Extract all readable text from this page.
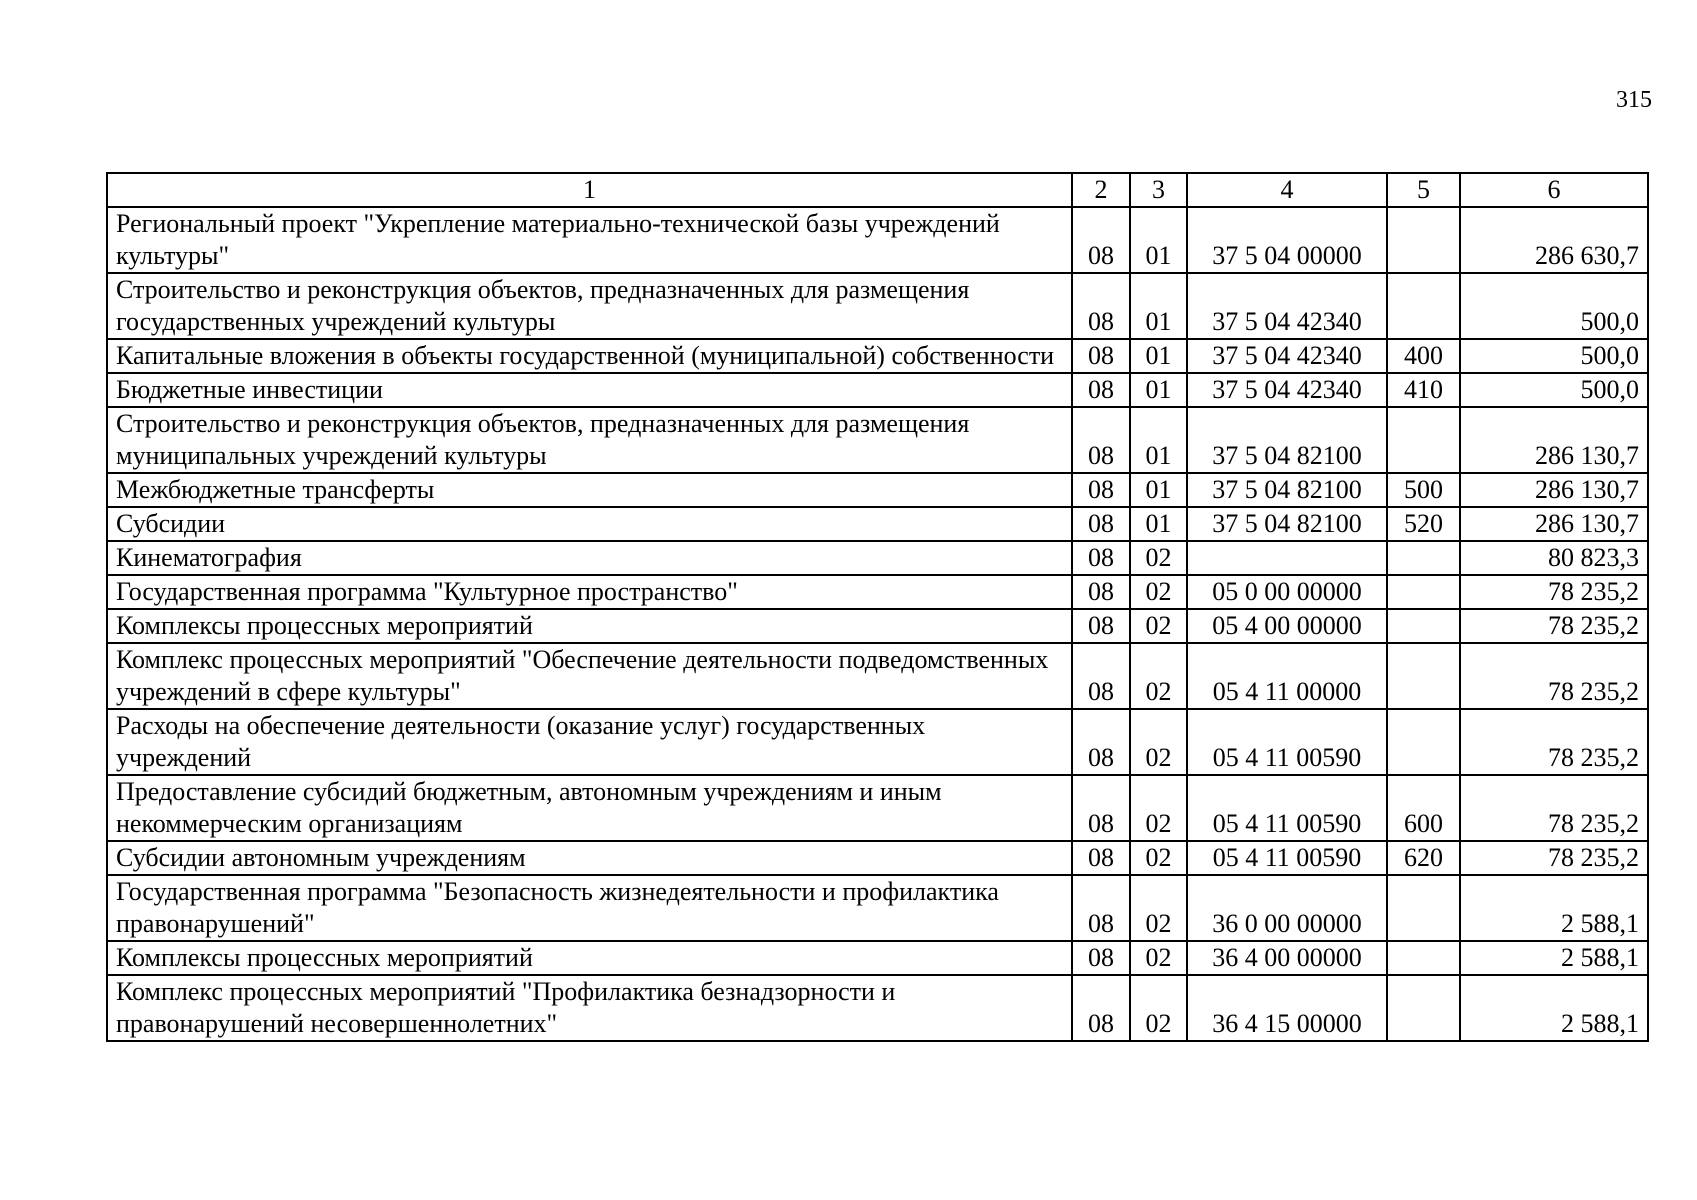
315
1	2	3	4	5	6
Региональный проект "Укрепление материально-технической базы учреждений культуры"	08	01	37 5 04 00000		286 630,7
Строительство и реконструкция объектов, предназначенных для размещения государственных учреждений культуры	08	01	37 5 04 42340		500,0
Капитальные вложения в объекты государственной (муниципальной) собственности	08	01	37 5 04 42340	400	500,0
Бюджетные инвестиции	08	01	37 5 04 42340	410	500,0
Строительство и реконструкция объектов, предназначенных для размещения муниципальных учреждений культуры	08	01	37 5 04 82100		286 130,7
Межбюджетные трансферты	08	01	37 5 04 82100	500	286 130,7
Субсидии	08	01	37 5 04 82100	520	286 130,7
Кинематография	08	02			80 823,3
Государственная программа "Культурное пространство"	08	02	05 0 00 00000		78 235,2
Комплексы процессных мероприятий	08	02	05 4 00 00000		78 235,2
Комплекс процессных мероприятий "Обеспечение деятельности подведомственных учреждений в сфере культуры"	08	02	05 4 11 00000		78 235,2
Расходы на обеспечение деятельности (оказание услуг) государственных учреждений	08	02	05 4 11 00590		78 235,2
Предоставление субсидий бюджетным, автономным учреждениям и иным некоммерческим организациям	08	02	05 4 11 00590	600	78 235,2
Субсидии автономным учреждениям	08	02	05 4 11 00590	620	78 235,2
Государственная программа "Безопасность жизнедеятельности и профилактика правонарушений"	08	02	36 0 00 00000		2 588,1
Комплексы процессных мероприятий	08	02	36 4 00 00000		2 588,1
Комплекс процессных мероприятий "Профилактика безнадзорности и правонарушений несовершеннолетних"	08	02	36 4 15 00000		2 588,1
